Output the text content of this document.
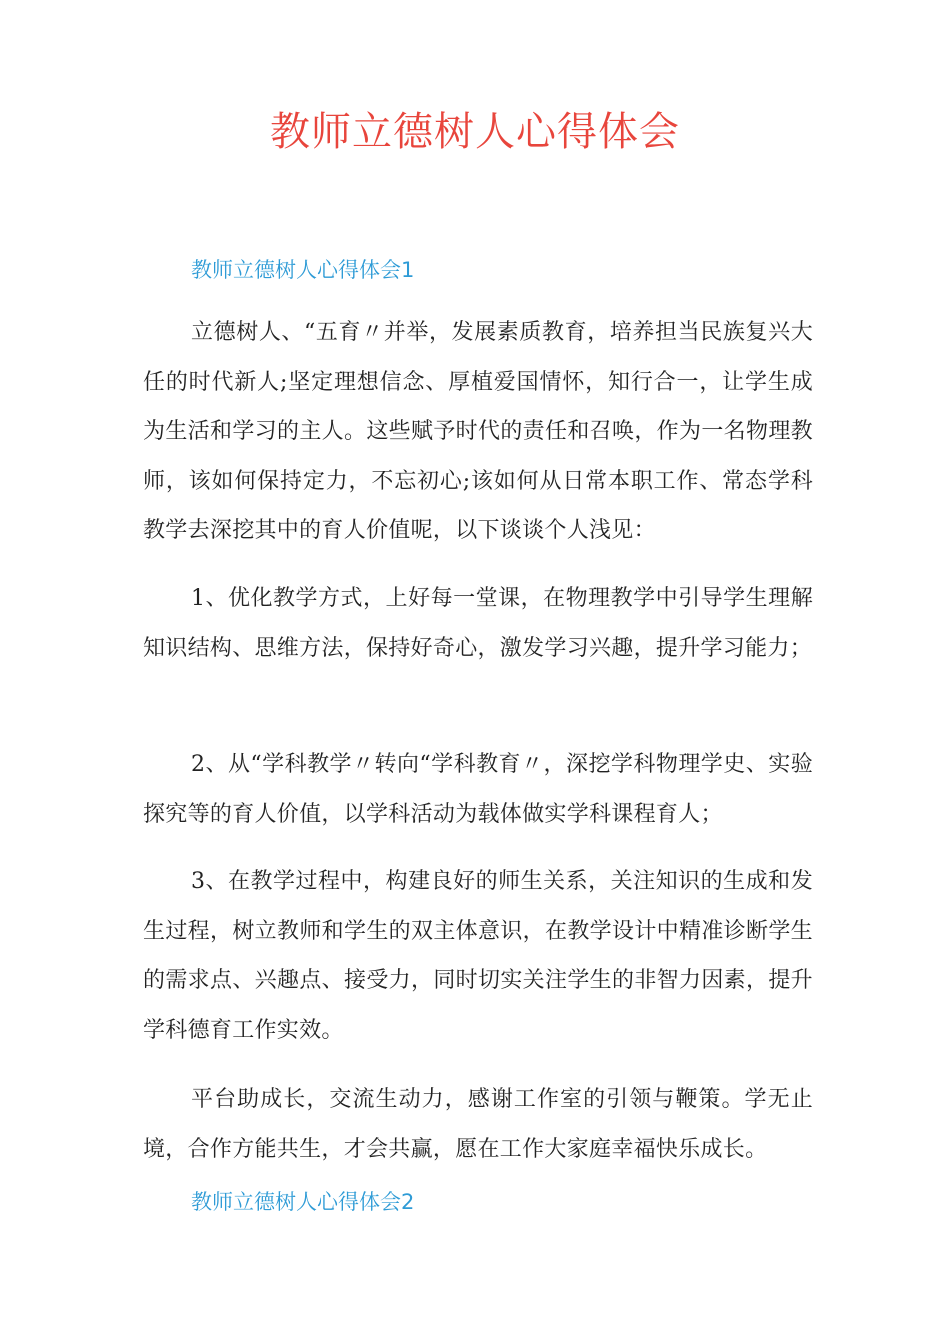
教师立德树人心得体会
教师立德树人心得体会1

立德树人、“五育〃并举，发展素质教育，培养担当民族复兴大任的时代新人;坚定理想信念、厚植爱国情怀，知行合一，让学生成为生活和学习的主人。这些赋予时代的责任和召唤，作为一名物理教师，该如何保持定力，不忘初心;该如何从日常本职工作、常态学科教学去深挖其中的育人价值呢，以下谈谈个人浅见：

1、优化教学方式，上好每一堂课，在物理教学中引导学生理解知识结构、思维方法，保持好奇心，激发学习兴趣，提升学习能力；

2、从“学科教学〃转向“学科教育〃，深挖学科物理学史、实验探究等的育人价值，以学科活动为载体做实学科课程育人；

3、在教学过程中，构建良好的师生关系，关注知识的生成和发生过程，树立教师和学生的双主体意识，在教学设计中精准诊断学生的需求点、兴趣点、接受力，同时切实关注学生的非智力因素，提升学科德育工作实效。

平台助成长，交流生动力，感谢工作室的引领与鞭策。学无止境，合作方能共生，才会共赢，愿在工作大家庭幸福快乐成长。

教师立德树人心得体会2
